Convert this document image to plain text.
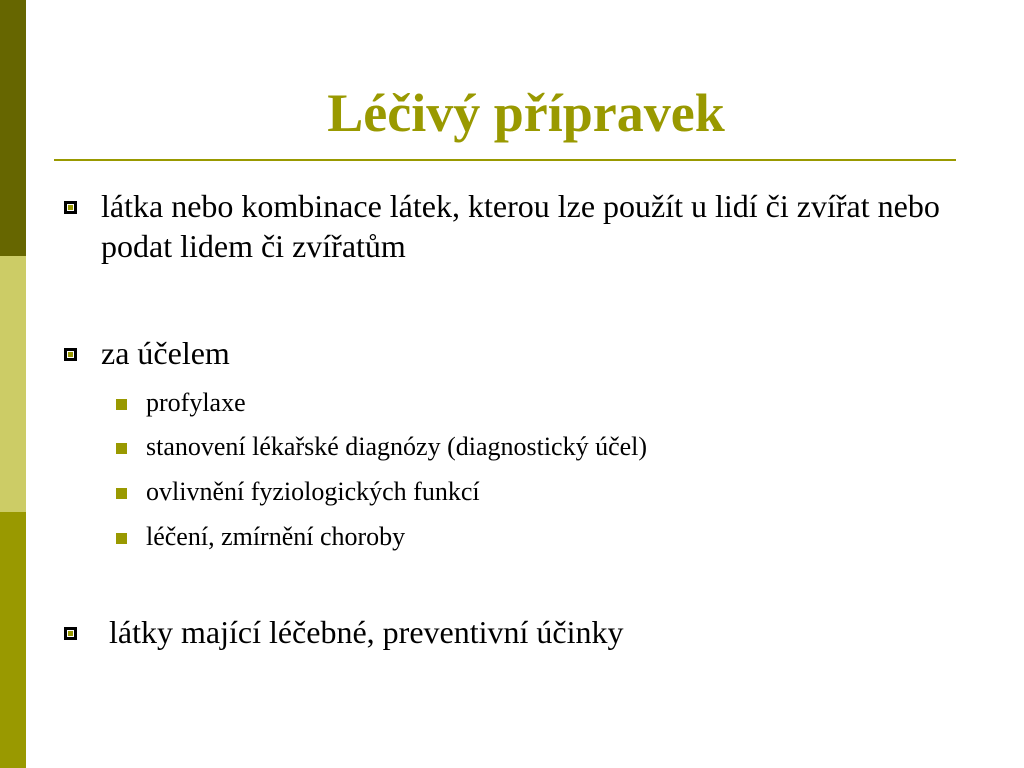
Léčivý přípravek
látka nebo kombinace látek, kterou lze použít u lidí či zvířat nebo podat lidem či zvířatům
za účelem
profylaxe
stanovení lékařské diagnózy (diagnostický účel)
ovlivnění fyziologických funkcí
léčení, zmírnění choroby
látky mající léčebné, preventivní účinky
